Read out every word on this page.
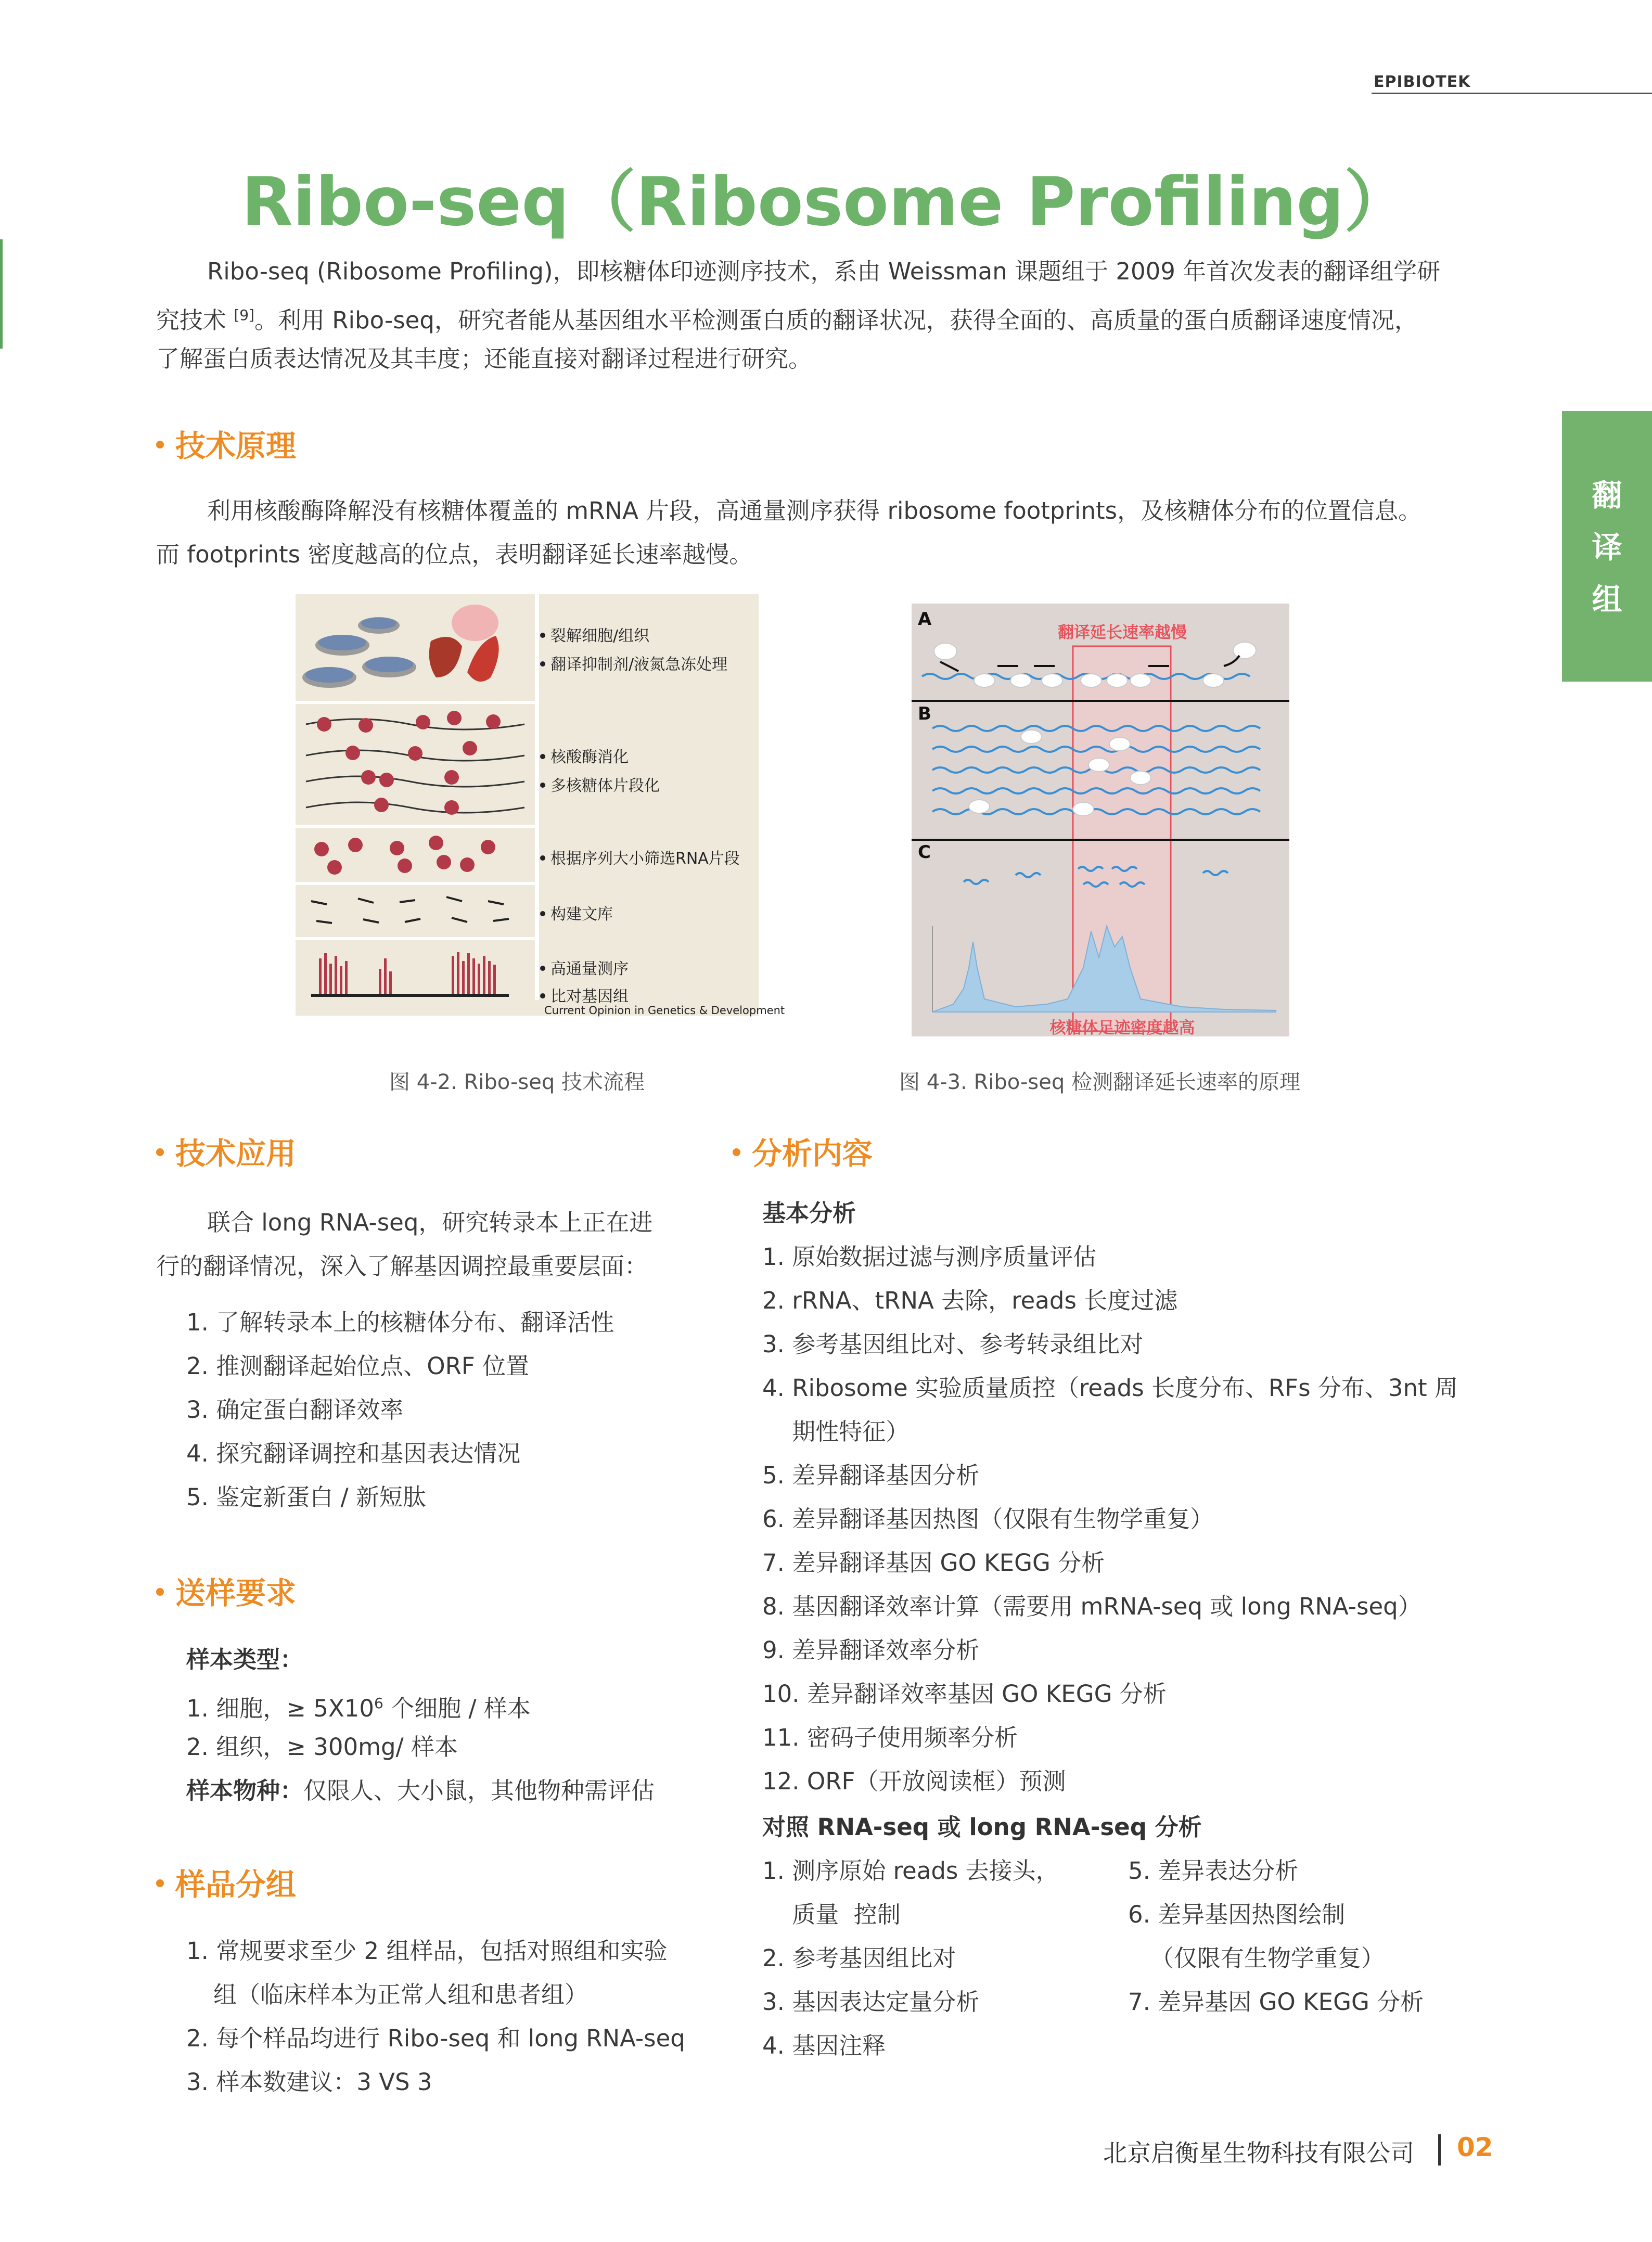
EPIBIOTEK
翻
译
组
Ribo-seq（Ribosome Profiling）
Ribo-seq (Ribosome Profiling)，即核糖体印迹测序技术，系由 Weissman 课题组于 2009 年首次发表的翻译组学研
究技术 [9]。利用 Ribo-seq，研究者能从基因组水平检测蛋白质的翻译状况，获得全面的、高质量的蛋白质翻译速度情况，
了解蛋白质表达情况及其丰度；还能直接对翻译过程进行研究。
技术原理
利用核酸酶降解没有核糖体覆盖的 mRNA 片段，高通量测序获得 ribosome footprints，及核糖体分布的位置信息。
而 footprints 密度越高的位点，表明翻译延长速率越慢。
裂解细胞/组织
翻译抑制剂/液氮急冻处理
核酸酶消化
多核糖体片段化
根据序列大小筛选RNA片段
构建文库
高通量测序
比对基因组
Current Opinion in Genetics & Development
图 4-2. Ribo-seq 技术流程
A
B
C
翻译延长速率越慢
核糖体足迹密度越高
图 4-3. Ribo-seq 检测翻译延长速率的原理
技术应用
联合 long RNA-seq，研究转录本上正在进
行的翻译情况，深入了解基因调控最重要层面：
1. 了解转录本上的核糖体分布、翻译活性
2. 推测翻译起始位点、ORF 位置
3. 确定蛋白翻译效率
4. 探究翻译调控和基因表达情况
5. 鉴定新蛋白 / 新短肽
送样要求
样本类型：
1. 细胞，≥ $5X10^6$ 个细胞 / 样本
2. 组织，≥ 300mg/ 样本
样本物种：仅限人、大小鼠，其他物种需评估
样品分组
1. 常规要求至少 2 组样品，包括对照组和实验
组（临床样本为正常人组和患者组）
2. 每个样品均进行 Ribo-seq 和 long RNA-seq
3. 样本数建议：3 VS 3
分析内容
基本分析
1. 原始数据过滤与测序质量评估
2. rRNA、tRNA 去除，reads 长度过滤
3. 参考基因组比对、参考转录组比对
4. Ribosome 实验质量质控（reads 长度分布、RFs 分布、3nt 周
期性特征）
5. 差异翻译基因分析
6. 差异翻译基因热图（仅限有生物学重复）
7. 差异翻译基因 GO KEGG 分析
8. 基因翻译效率计算（需要用 mRNA-seq 或 long RNA-seq）
9. 差异翻译效率分析
10. 差异翻译效率基因 GO KEGG 分析
11. 密码子使用频率分析
12. ORF（开放阅读框）预测
对照 RNA-seq 或 long RNA-seq 分析
1. 测序原始 reads 去接头，
质量  控制
2. 参考基因组比对
3. 基因表达定量分析
4. 基因注释
5. 差异表达分析
6. 差异基因热图绘制
（仅限有生物学重复）
7. 差异基因 GO KEGG 分析
北京启衡星生物科技有限公司 02
